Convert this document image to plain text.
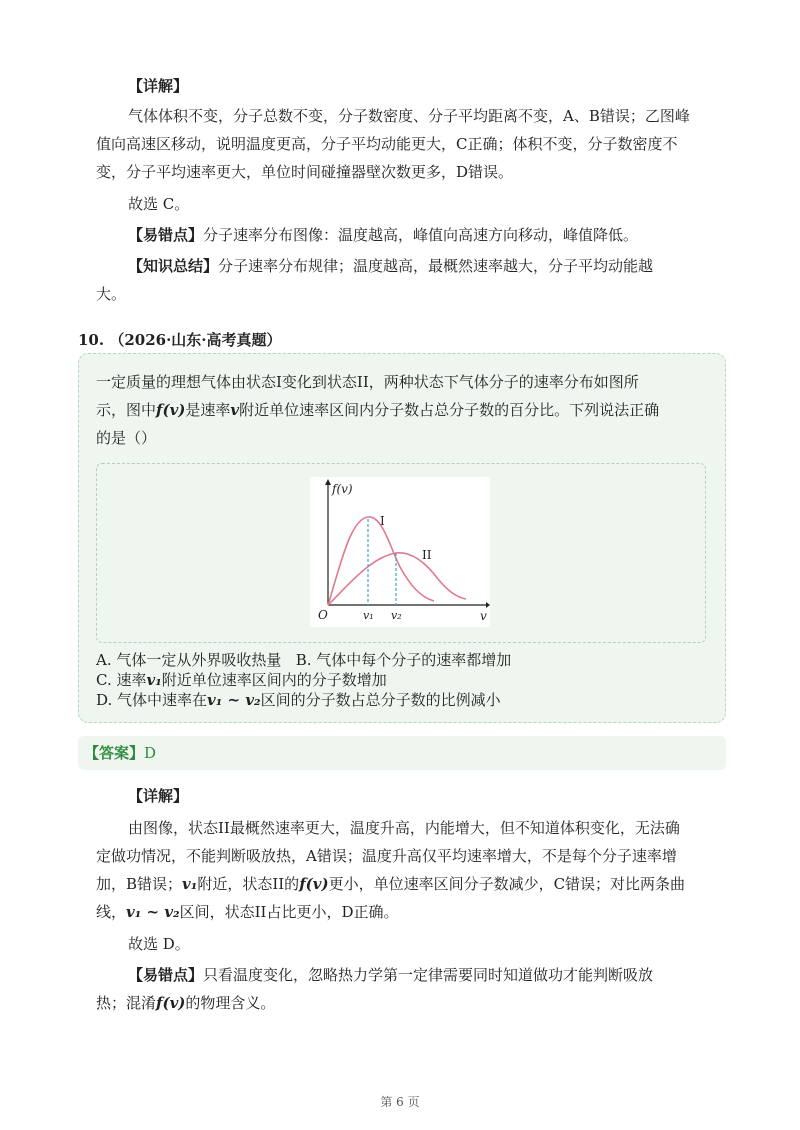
【详解】

气体体积不变，分子总数不变，分子数密度、分子平均距离不变，A、B错误；乙图峰

值向高速区移动，说明温度更高，分子平均动能更大，C正确；体积不变，分子数密度不

变，分子平均速率更大，单位时间碰撞器壁次数更多，D错误。

故选 C。

【易错点】分子速率分布图像：温度越高，峰值向高速方向移动，峰值降低。

【知识总结】分子速率分布规律；温度越高，最概然速率越大，分子平均动能越

大。

10. （2026·山东·高考真题）

一定质量的理想气体由状态I变化到状态II，两种状态下气体分子的速率分布如图所

示，图中f(v)是速率v附近单位速率区间内分子数占总分子数的百分比。下列说法正确

的是（）

f(v)
v
O
I
II
v₁ v₂

A. 气体一定从外界吸收热量 B. 气体中每个分子的速率都增加

C. 速率v₁附近单位速率区间内的分子数增加

D. 气体中速率在v₁ ~ v₂区间的分子数占总分子数的比例减小

【答案】D

【详解】

由图像，状态II最概然速率更大，温度升高，内能增大，但不知道体积变化，无法确

定做功情况，不能判断吸放热，A错误；温度升高仅平均速率增大，不是每个分子速率增

加，B错误；v₁附近，状态II的f(v)更小，单位速率区间分子数减少，C错误；对比两条曲

线，v₁ ~ v₂区间，状态II占比更小，D正确。

故选 D。

【易错点】只看温度变化，忽略热力学第一定律需要同时知道做功才能判断吸放

热；混淆f(v)的物理含义。

第 6 页
